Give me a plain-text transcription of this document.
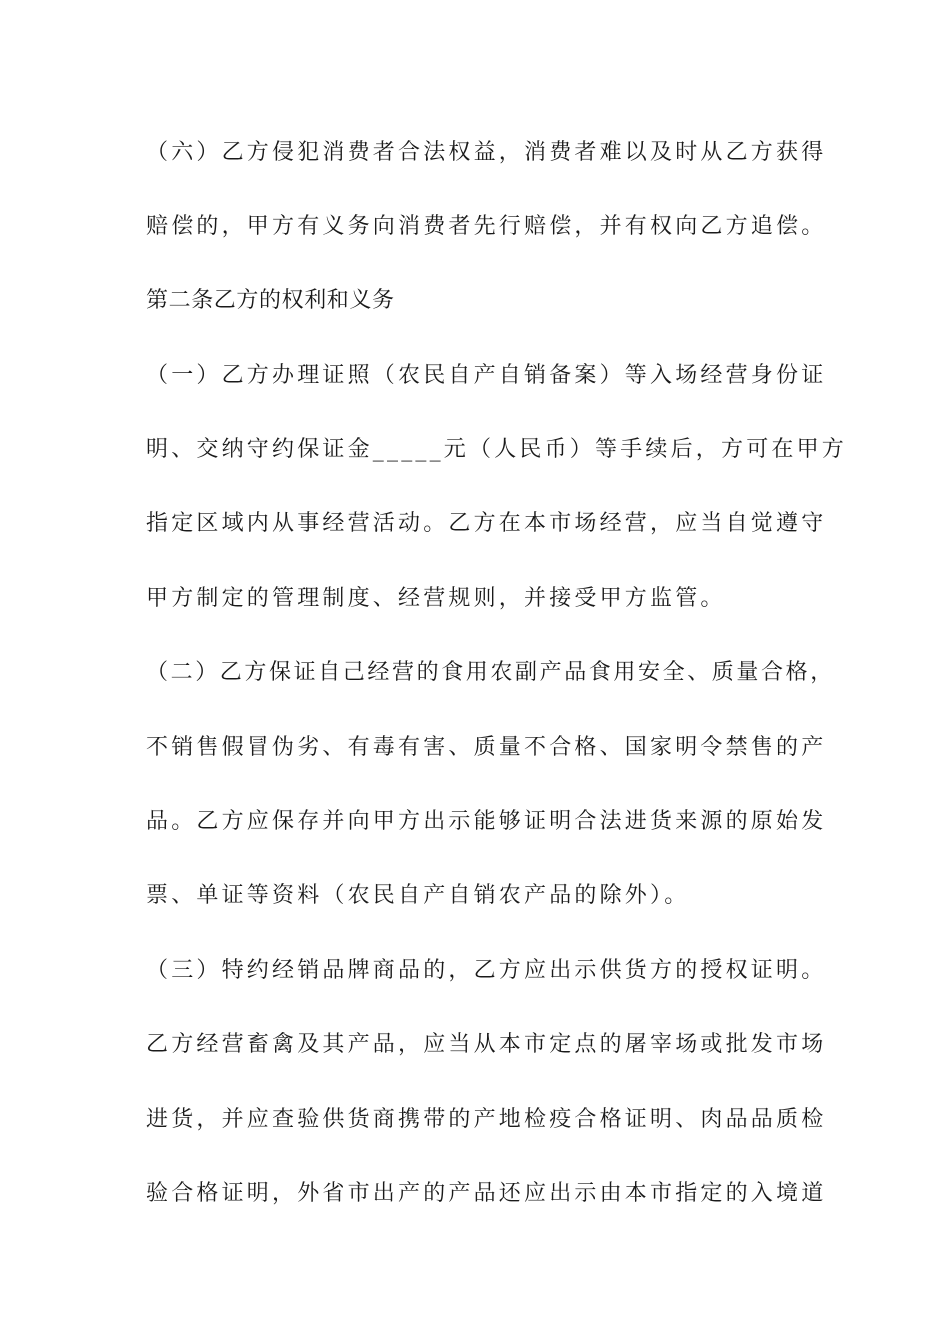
（六）乙方侵犯消费者合法权益，消费者难以及时从乙方获得
赔偿的，甲方有义务向消费者先行赔偿，并有权向乙方追偿。
第二条乙方的权利和义务
（一）乙方办理证照（农民自产自销备案）等入场经营身份证
明、交纳守约保证金_____元（人民币）等手续后，方可在甲方
指定区域内从事经营活动。乙方在本市场经营，应当自觉遵守
甲方制定的管理制度、经营规则，并接受甲方监管。
（二）乙方保证自己经营的食用农副产品食用安全、质量合格，
不销售假冒伪劣、有毒有害、质量不合格、国家明令禁售的产
品。乙方应保存并向甲方出示能够证明合法进货来源的原始发
票、单证等资料（农民自产自销农产品的除外）。
（三）特约经销品牌商品的，乙方应出示供货方的授权证明。
乙方经营畜禽及其产品，应当从本市定点的屠宰场或批发市场
进货，并应查验供货商携带的产地检疫合格证明、肉品品质检
验合格证明，外省市出产的产品还应出示由本市指定的入境道
